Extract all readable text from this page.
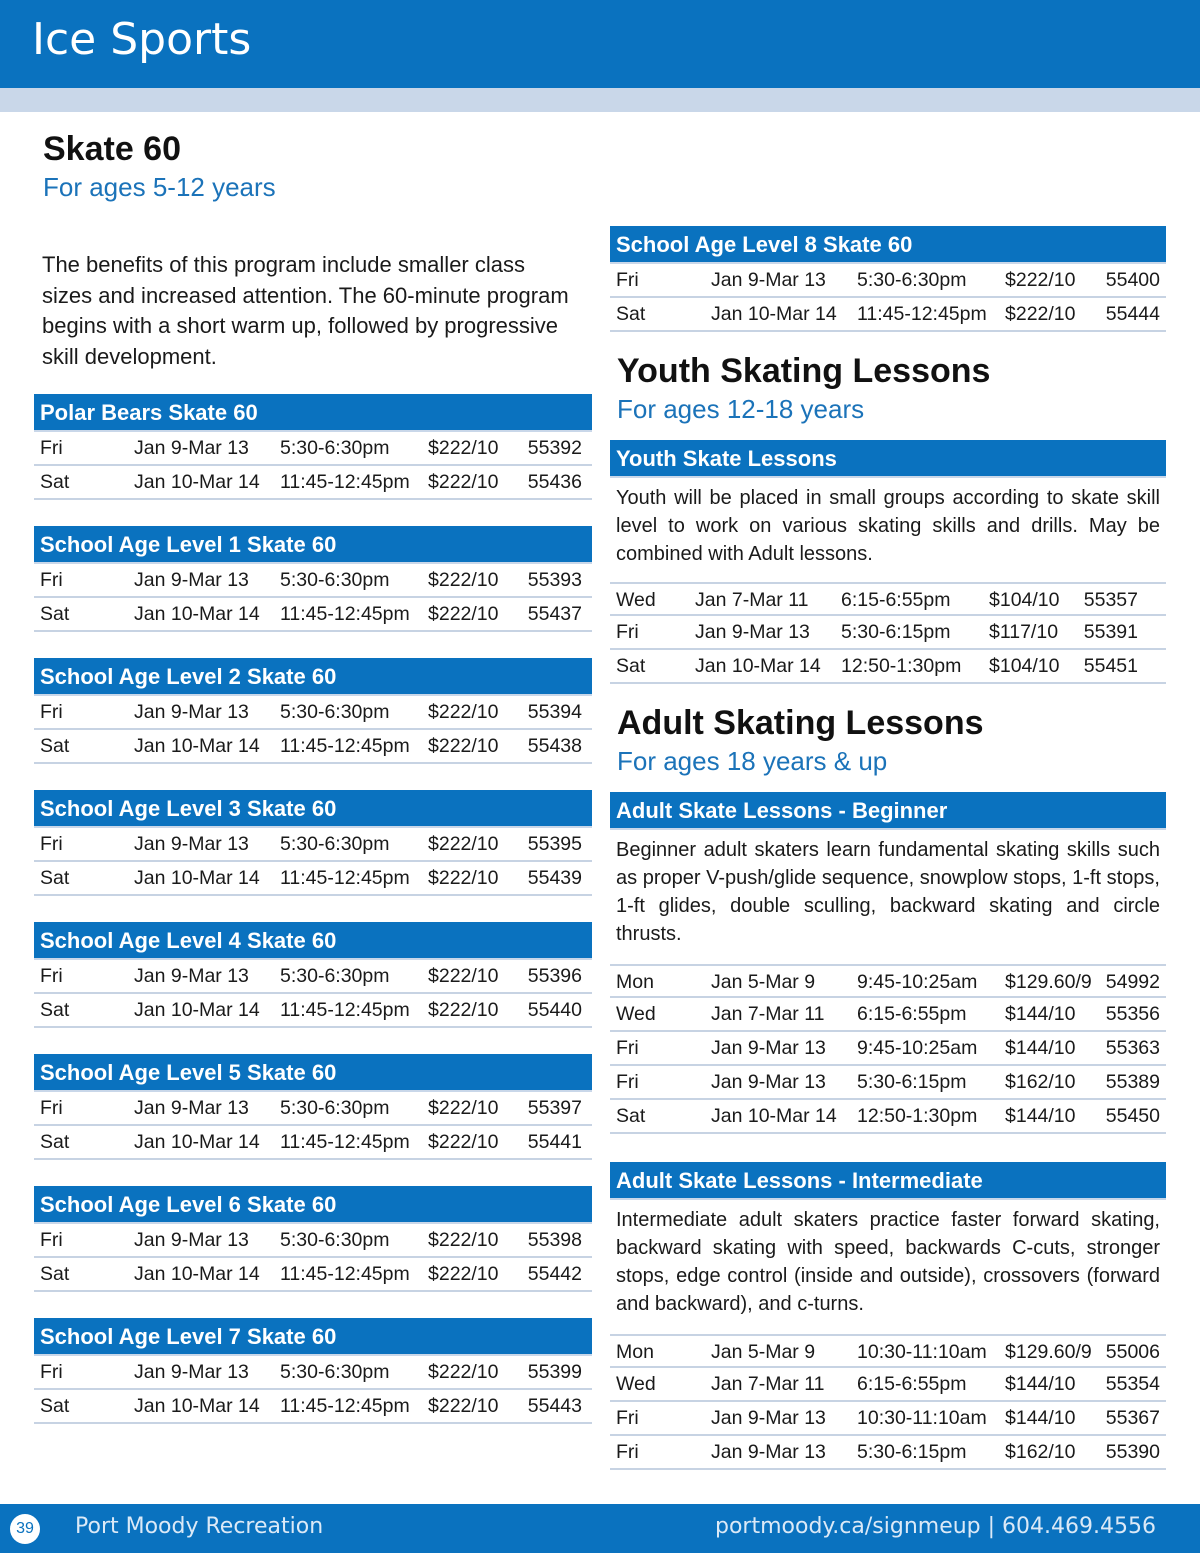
Ice Sports
Skate 60
For ages 5-12 years

The benefits of this program include smaller class sizes and increased attention. The 60-minute program begins with a short warm up, followed by progressive skill development.

Polar Bears Skate 60
Fri	Jan 9-Mar 13 5:30-6:30pm $222/10 55392
Sat	Jan 10-Mar 14 11:45-12:45pm $222/10 55436
School Age Level 1 Skate 60
Fri	Jan 9-Mar 13 5:30-6:30pm $222/10 55393
Sat	Jan 10-Mar 14 11:45-12:45pm $222/10 55437
School Age Level 2 Skate 60
Fri	Jan 9-Mar 13 5:30-6:30pm $222/10 55394
Sat	Jan 10-Mar 14 11:45-12:45pm $222/10 55438
School Age Level 3 Skate 60
Fri	Jan 9-Mar 13 5:30-6:30pm $222/10 55395
Sat	Jan 10-Mar 14 11:45-12:45pm $222/10 55439
School Age Level 4 Skate 60
Fri	Jan 9-Mar 13 5:30-6:30pm $222/10 55396
Sat	Jan 10-Mar 14 11:45-12:45pm $222/10 55440
School Age Level 5 Skate 60
Fri	Jan 9-Mar 13 5:30-6:30pm $222/10 55397
Sat	Jan 10-Mar 14 11:45-12:45pm $222/10 55441
School Age Level 6 Skate 60
Fri	Jan 9-Mar 13 5:30-6:30pm $222/10 55398
Sat	Jan 10-Mar 14 11:45-12:45pm $222/10 55442
School Age Level 7 Skate 60
Fri	Jan 9-Mar 13 5:30-6:30pm $222/10 55399
Sat	Jan 10-Mar 14 11:45-12:45pm $222/10 55443
School Age Level 8 Skate 60
Fri	Jan 9-Mar 13 5:30-6:30pm $222/10 55400
Sat	Jan 10-Mar 14 11:45-12:45pm $222/10 55444
Youth Skating Lessons
For ages 12-18 years
Youth Skate Lessons
Youth will be placed in small groups according to skate skill level to work on various skating skills and drills. May be combined with Adult lessons.
Wed Jan 7-Mar 11 6:15-6:55pm $104/10 55357
Fri	Jan 9-Mar 13 5:30-6:15pm $117/10 55391
Sat	Jan 10-Mar 14 12:50-1:30pm $104/10 55451
Adult Skating Lessons
For ages 18 years & up
Adult Skate Lessons - Beginner
Beginner adult skaters learn fundamental skating skills such as proper V-push/glide sequence, snowplow stops, 1-ft stops, 1-ft glides, double sculling, backward skating and circle thrusts.
Mon	Jan 5-Mar 9 9:45-10:25am $129.60/9 54992
Wed	Jan 7-Mar 11 6:15-6:55pm $144/10 55356
Fri	Jan 9-Mar 13 9:45-10:25am $144/10 55363
Fri	Jan 9-Mar 13 5:30-6:15pm $162/10 55389
Sat	Jan 10-Mar 14 12:50-1:30pm $144/10 55450
Adult Skate Lessons - Intermediate
Intermediate adult skaters practice faster forward skating, backward skating with speed, backwards C-cuts, stronger stops, edge control (inside and outside), crossovers (forward and backward), and c-turns.
Mon	Jan 5-Mar 9 10:30-11:10am $129.60/9 55006
Wed	Jan 7-Mar 11 6:15-6:55pm $144/10 55354
Fri	Jan 9-Mar 13 10:30-11:10am $144/10 55367
Fri	Jan 9-Mar 13 5:30-6:15pm $162/10 55390
39 Port Moody Recreation	portmoody.ca/signmeup | 604.469.4556
